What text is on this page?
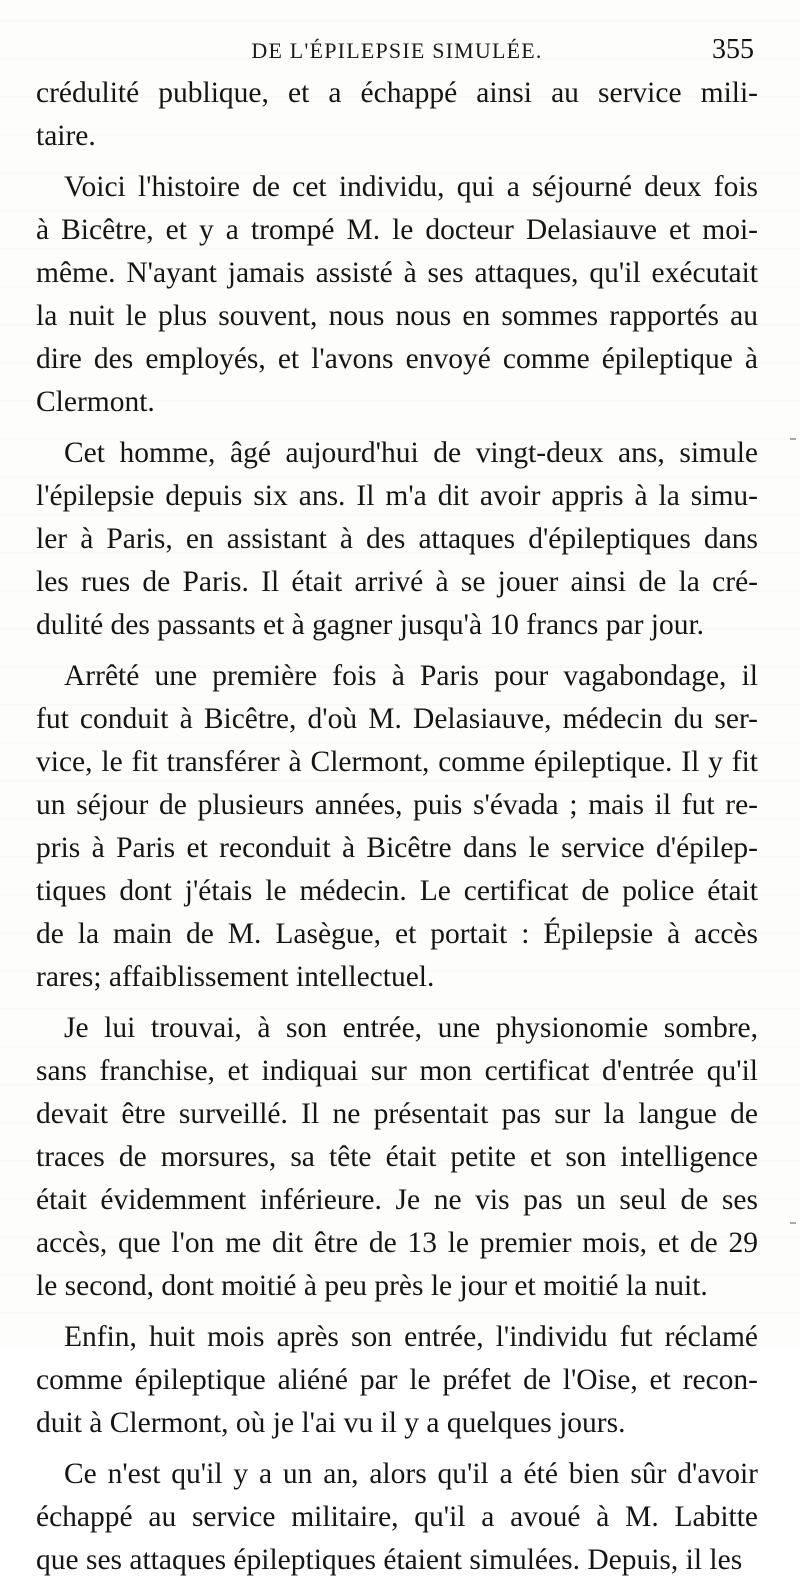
DE L'ÉPILEPSIE SIMULÉE.	355
crédulité publique, et a échappé ainsi au service mili-
taire.
Voici l'histoire de cet individu, qui a séjourné deux fois
à Bicêtre, et y a trompé M. le docteur Delasiauve et moi-
même. N'ayant jamais assisté à ses attaques, qu'il exécutait
la nuit le plus souvent, nous nous en sommes rapportés au
dire des employés, et l'avons envoyé comme épileptique à
Clermont.
Cet homme, âgé aujourd'hui de vingt-deux ans, simule
l'épilepsie depuis six ans. Il m'a dit avoir appris à la simu-
ler à Paris, en assistant à des attaques d'épileptiques dans
les rues de Paris. Il était arrivé à se jouer ainsi de la cré-
dulité des passants et à gagner jusqu'à 10 francs par jour.
Arrêté une première fois à Paris pour vagabondage, il
fut conduit à Bicêtre, d'où M. Delasiauve, médecin du ser-
vice, le fit transférer à Clermont, comme épileptique. Il y fit
un séjour de plusieurs années, puis s'évada ; mais il fut re-
pris à Paris et reconduit à Bicêtre dans le service d'épilep-
tiques dont j'étais le médecin. Le certificat de police était
de la main de M. Lasègue, et portait : Épilepsie à accès
rares; affaiblissement intellectuel.
Je lui trouvai, à son entrée, une physionomie sombre,
sans franchise, et indiquai sur mon certificat d'entrée qu'il
devait être surveillé. Il ne présentait pas sur la langue de
traces de morsures, sa tête était petite et son intelligence
était évidemment inférieure. Je ne vis pas un seul de ses
accès, que l'on me dit être de 13 le premier mois, et de 29
le second, dont moitié à peu près le jour et moitié la nuit.
Enfin, huit mois après son entrée, l'individu fut réclamé
comme épileptique aliéné par le préfet de l'Oise, et recon-
duit à Clermont, où je l'ai vu il y a quelques jours.
Ce n'est qu'il y a un an, alors qu'il a été bien sûr d'avoir
échappé au service militaire, qu'il a avoué à M. Labitte
que ses attaques épileptiques étaient simulées. Depuis, il les
